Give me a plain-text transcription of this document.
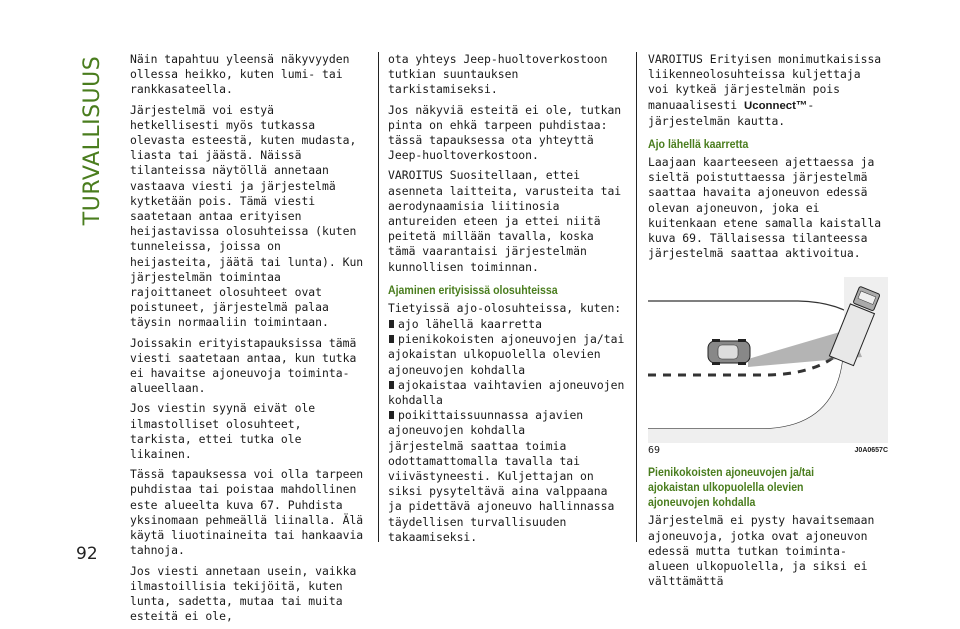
TURVALLISUUS
92

Näin tapahtuu yleensä näkyvyyden ollessa heikko, kuten lumi- tai rankkasateella.

Järjestelmä voi estyä hetkellisesti myös tutkassa olevasta esteestä, kuten mudasta, liasta tai jäästä. Näissä tilanteissa näytöllä annetaan vastaava viesti ja järjestelmä kytketään pois. Tämä viesti saatetaan antaa erityisen heijastavissa olosuhteissa (kuten tunneleissa, joissa on heijasteita, jäätä tai lunta). Kun järjestelmän toimintaa rajoittaneet olosuhteet ovat poistuneet, järjestelmä palaa täysin normaaliin toimintaan.

Joissakin erityistapauksissa tämä viesti saatetaan antaa, kun tutka ei havaitse ajoneuvoja toiminta-alueellaan.

Jos viestin syynä eivät ole ilmastolliset olosuhteet, tarkista, ettei tutka ole likainen.

Tässä tapauksessa voi olla tarpeen puhdistaa tai poistaa mahdollinen este alueelta kuva 67. Puhdista yksinomaan pehmeällä liinalla. Älä käytä liuotinaineita tai hankaavia tahnoja.

Jos viesti annetaan usein, vaikka ilmastoillisia tekijöitä, kuten lunta, sadetta, mutaa tai muita esteitä ei ole,

ota yhteys Jeep-huoltoverkostoon tutkian suuntauksen tarkistamiseksi.

Jos näkyviä esteitä ei ole, tutkan pinta on ehkä tarpeen puhdistaa: tässä tapauksessa ota yhteyttä Jeep-huoltoverkostoon.

VAROITUS Suositellaan, ettei asenneta laitteita, varusteita tai aerodynaamisia liitinosia antureiden eteen ja ettei niitä peitetä millään tavalla, koska tämä vaarantaisi järjestelmän kunnollisen toiminnan.

Ajaminen erityisissä olosuhteissa

Tietyissä ajo-olosuhteissa, kuten:

ajo lähellä kaarretta
pienikokoisten ajoneuvojen ja/tai ajokaistan ulkopuolella olevien ajoneuvojen kohdalla
ajokaistaa vaihtavien ajoneuvojen kohdalla
poikittaissuunnassa ajavien ajoneuvojen kohdalla

järjestelmä saattaa toimia odottamattomalla tavalla tai viivästyneesti. Kuljettajan on siksi pysyteltävä aina valppaana ja pidettävä ajoneuvo hallinnassa täydellisen turvallisuuden takaamiseksi.

VAROITUS Erityisen monimutkaisissa liikenneolosuhteissa kuljettaja voi kytkeä järjestelmän pois manuaalisesti Uconnect™-järjestelmän kautta.

Ajo lähellä kaarretta

Laajaan kaarteeseen ajettaessa ja sieltä poistuttaessa järjestelmä saattaa havaita ajoneuvon edessä olevan ajoneuvon, joka ei kuitenkaan etene samalla kaistalla kuva 69. Tällaisessa tilanteessa järjestelmä saattaa aktivoitua.

69	J0A0657C
Pienikokoisten ajoneuvojen ja/tai ajokaistan ulkopuolella olevien ajoneuvojen kohdalla

Järjestelmä ei pysty havaitsemaan ajoneuvoja, jotka ovat ajoneuvon edessä mutta tutkan toiminta-alueen ulkopuolella, ja siksi ei välttämättä
